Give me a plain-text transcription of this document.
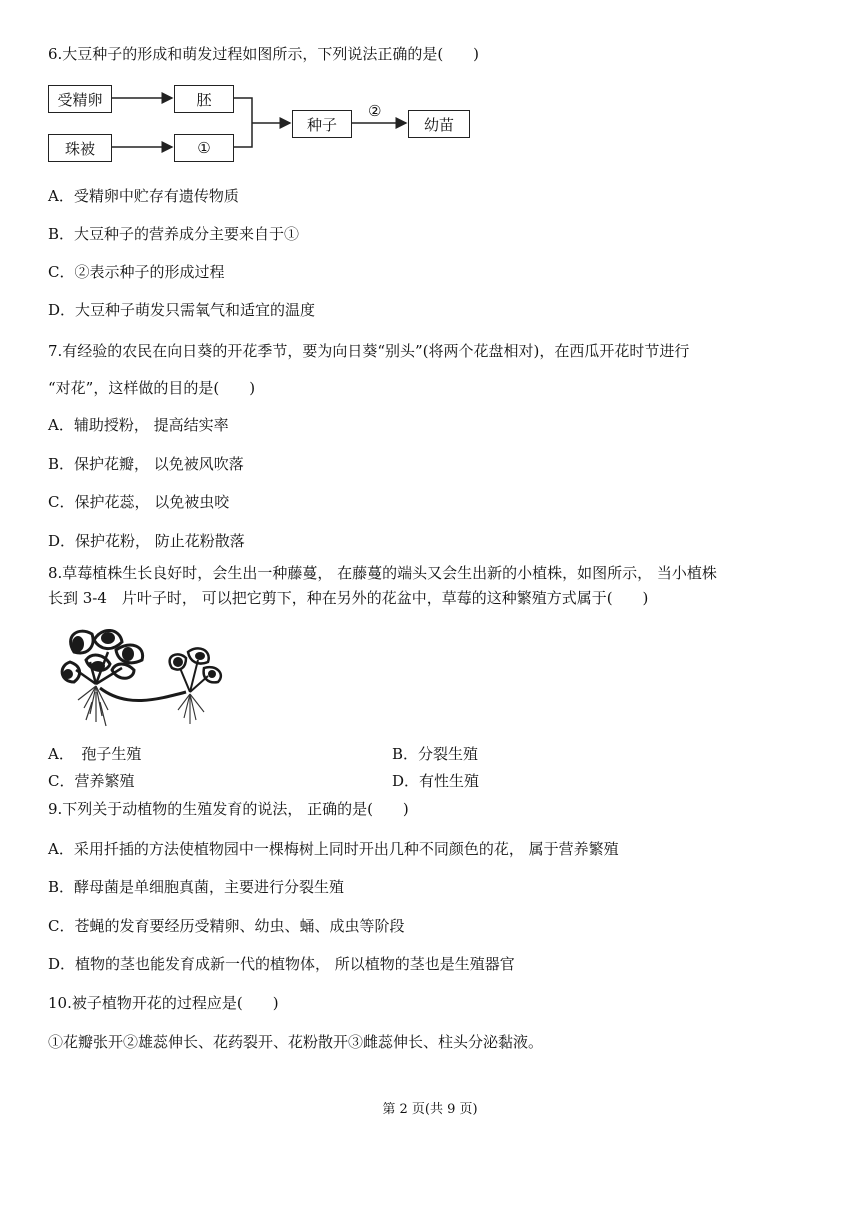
6.大豆种子的形成和萌发过程如图所示，下列说法正确的是(　　)
受精卵	胚
珠被	①
种子	幼苗
②
A．受精卵中贮存有遗传物质
B．大豆种子的营养成分主要来自于①
C．②表示种子的形成过程
D．大豆种子萌发只需氧气和适宜的温度
7.有经验的农民在向日葵的开花季节，要为向日葵“别头”(将两个花盘相对)，在西瓜开花时节进行
“对花”，这样做的目的是(　　)
A．辅助授粉， 提高结实率
B．保护花瓣， 以免被风吹落
C．保护花蕊， 以免被虫咬
D．保护花粉， 防止花粉散落
8.草莓植株生长良好时，会生出一种藤蔓， 在藤蔓的端头又会生出新的小植株，如图所示， 当小植株
长到 3-4　片叶子时， 可以把它剪下，种在另外的花盆中，草莓的这种繁殖方式属于(　　)
A．　孢子生殖	B．分裂生殖
C．营养繁殖	D．有性生殖
9.下列关于动植物的生殖发育的说法， 正确的是(　　)
A．采用扦插的方法使植物园中一棵梅树上同时开出几种不同颜色的花， 属于营养繁殖
B．酵母菌是单细胞真菌，主要进行分裂生殖
C．苍蝇的发育要经历受精卵、幼虫、蛹、成虫等阶段
D．植物的茎也能发育成新一代的植物体， 所以植物的茎也是生殖器官
10.被子植物开花的过程应是(　　)
①花瓣张开②雄蕊伸长、花药裂开、花粉散开③雌蕊伸长、柱头分泌黏液。
第 2 页(共 9 页)
